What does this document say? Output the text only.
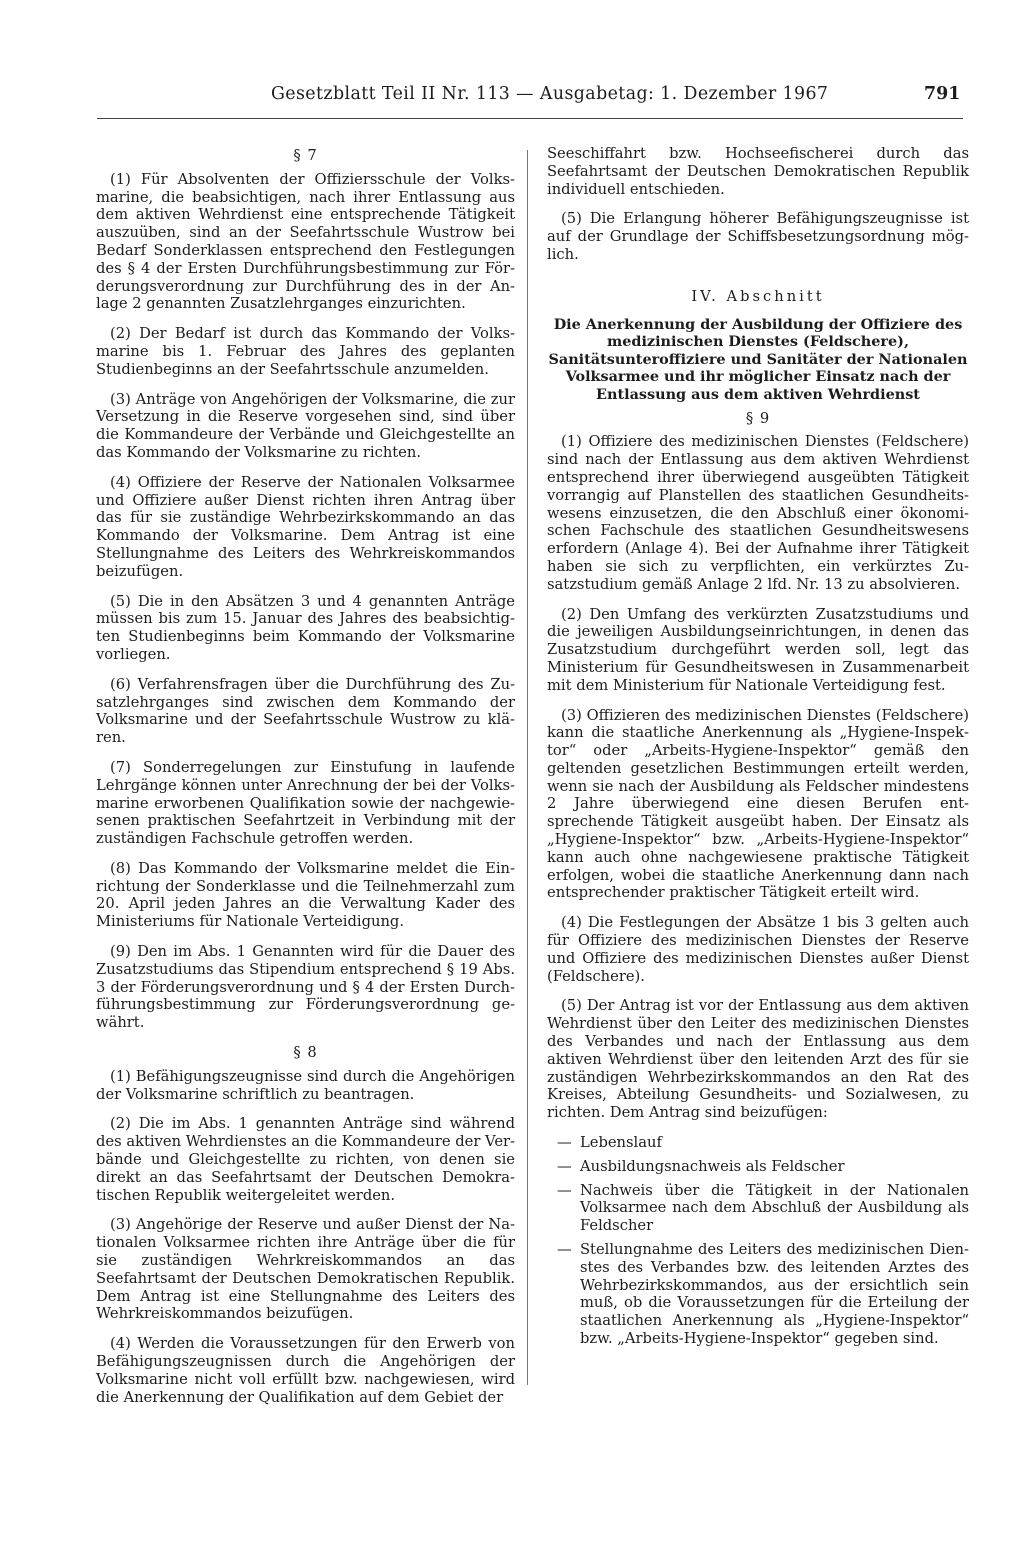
Gesetzblatt Teil II Nr. 113 — Ausgabetag: 1. Dezember 1967	791
§ 7

(1) Für Absolventen der Offiziersschule der Volksmarine, die beabsichtigen, nach ihrer Entlassung aus dem aktiven Wehrdienst eine entsprechende Tätigkeit auszuüben, sind an der Seefahrtsschule Wustrow bei Bedarf Sonderklassen entsprechend den Festlegungen des § 4 der Ersten Durchführungsbestimmung zur Förderungsverordnung zur Durchführung des in der Anlage 2 genannten Zusatzlehrganges einzurichten.

(2) Der Bedarf ist durch das Kommando der Volksmarine bis 1. Februar des Jahres des geplanten Studienbeginns an der Seefahrtsschule anzumelden.

(3) Anträge von Angehörigen der Volksmarine, die zur Versetzung in die Reserve vorgesehen sind, sind über die Kommandeure der Verbände und Gleichgestellte an das Kommando der Volksmarine zu richten.

(4) Offiziere der Reserve der Nationalen Volksarmee und Offiziere außer Dienst richten ihren Antrag über das für sie zuständige Wehrbezirkskommando an das Kommando der Volksmarine. Dem Antrag ist eine Stellungnahme des Leiters des Wehrkreiskommandos beizufügen.

(5) Die in den Absätzen 3 und 4 genannten Anträge müssen bis zum 15. Januar des Jahres des beabsichtigten Studienbeginns beim Kommando der Volksmarine vorliegen.

(6) Verfahrensfragen über die Durchführung des Zusatzlehrganges sind zwischen dem Kommando der Volksmarine und der Seefahrtsschule Wustrow zu klären.

(7) Sonderregelungen zur Einstufung in laufende Lehrgänge können unter Anrechnung der bei der Volksmarine erworbenen Qualifikation sowie der nachgewiesenen praktischen Seefahrtzeit in Verbindung mit der zuständigen Fachschule getroffen werden.

(8) Das Kommando der Volksmarine meldet die Einrichtung der Sonderklasse und die Teilnehmerzahl zum 20. April jeden Jahres an die Verwaltung Kader des Ministeriums für Nationale Verteidigung.

(9) Den im Abs. 1 Genannten wird für die Dauer des Zusatzstudiums das Stipendium entsprechend § 19 Abs. 3 der Förderungsverordnung und § 4 der Ersten Durchführungsbestimmung zur Förderungsverordnung gewährt.

§ 8

(1) Befähigungszeugnisse sind durch die Angehörigen der Volksmarine schriftlich zu beantragen.

(2) Die im Abs. 1 genannten Anträge sind während des aktiven Wehrdienstes an die Kommandeure der Verbände und Gleichgestellte zu richten, von denen sie direkt an das Seefahrtsamt der Deutschen Demokratischen Republik weitergeleitet werden.

(3) Angehörige der Reserve und außer Dienst der Nationalen Volksarmee richten ihre Anträge über die für sie zuständigen Wehrkreiskommandos an das Seefahrtsamt der Deutschen Demokratischen Republik. Dem Antrag ist eine Stellungnahme des Leiters des Wehrkreiskommandos beizufügen.

(4) Werden die Voraussetzungen für den Erwerb von Befähigungszeugnissen durch die Angehörigen der Volksmarine nicht voll erfüllt bzw. nachgewiesen, wird die Anerkennung der Qualifikation auf dem Gebiet der

Seeschiffahrt bzw. Hochseefischerei durch das Seefahrtsamt der Deutschen Demokratischen Republik individuell entschieden.

(5) Die Erlangung höherer Befähigungszeugnisse ist auf der Grundlage der Schiffsbesetzungsordnung möglich.

IV. Abschnitt
Die Anerkennung der Ausbildung der Offiziere des medizinischen Dienstes (Feldschere), Sanitätsunteroffiziere und Sanitäter der Nationalen Volksarmee und ihr möglicher Einsatz nach der Entlassung aus dem aktiven Wehrdienst
§ 9

(1) Offiziere des medizinischen Dienstes (Feldschere) sind nach der Entlassung aus dem aktiven Wehrdienst entsprechend ihrer überwiegend ausgeübten Tätigkeit vorrangig auf Planstellen des staatlichen Gesundheitswesens einzusetzen, die den Abschluß einer ökonomischen Fachschule des staatlichen Gesundheitswesens erfordern (Anlage 4). Bei der Aufnahme ihrer Tätigkeit haben sie sich zu verpflichten, ein verkürztes Zusatzstudium gemäß Anlage 2 lfd. Nr. 13 zu absolvieren.

(2) Den Umfang des verkürzten Zusatzstudiums und die jeweiligen Ausbildungseinrichtungen, in denen das Zusatzstudium durchgeführt werden soll, legt das Ministerium für Gesundheitswesen in Zusammenarbeit mit dem Ministerium für Nationale Verteidigung fest.

(3) Offizieren des medizinischen Dienstes (Feldschere) kann die staatliche Anerkennung als „Hygiene-Inspektor“ oder „Arbeits-Hygiene-Inspektor“ gemäß den geltenden gesetzlichen Bestimmungen erteilt werden, wenn sie nach der Ausbildung als Feldscher mindestens 2 Jahre überwiegend eine diesen Berufen entsprechende Tätigkeit ausgeübt haben. Der Einsatz als „Hygiene-Inspektor“ bzw. „Arbeits-Hygiene-Inspektor“ kann auch ohne nachgewiesene praktische Tätigkeit erfolgen, wobei die staatliche Anerkennung dann nach entsprechender praktischer Tätigkeit erteilt wird.

(4) Die Festlegungen der Absätze 1 bis 3 gelten auch für Offiziere des medizinischen Dienstes der Reserve und Offiziere des medizinischen Dienstes außer Dienst (Feldschere).

(5) Der Antrag ist vor der Entlassung aus dem aktiven Wehrdienst über den Leiter des medizinischen Dienstes des Verbandes und nach der Entlassung aus dem aktiven Wehrdienst über den leitenden Arzt des für sie zuständigen Wehrbezirkskommandos an den Rat des Kreises, Abteilung Gesundheits- und Sozialwesen, zu richten. Dem Antrag sind beizufügen:

— Lebenslauf
— Ausbildungsnachweis als Feldscher
— Nachweis über die Tätigkeit in der Nationalen Volksarmee nach dem Abschluß der Ausbildung als Feldscher
— Stellungnahme des Leiters des medizinischen Dienstes des Verbandes bzw. des leitenden Arztes des Wehrbezirkskommandos, aus der ersichtlich sein muß, ob die Voraussetzungen für die Erteilung der staatlichen Anerkennung als „Hygiene-Inspektor“ bzw. „Arbeits-Hygiene-Inspektor“ gegeben sind.
